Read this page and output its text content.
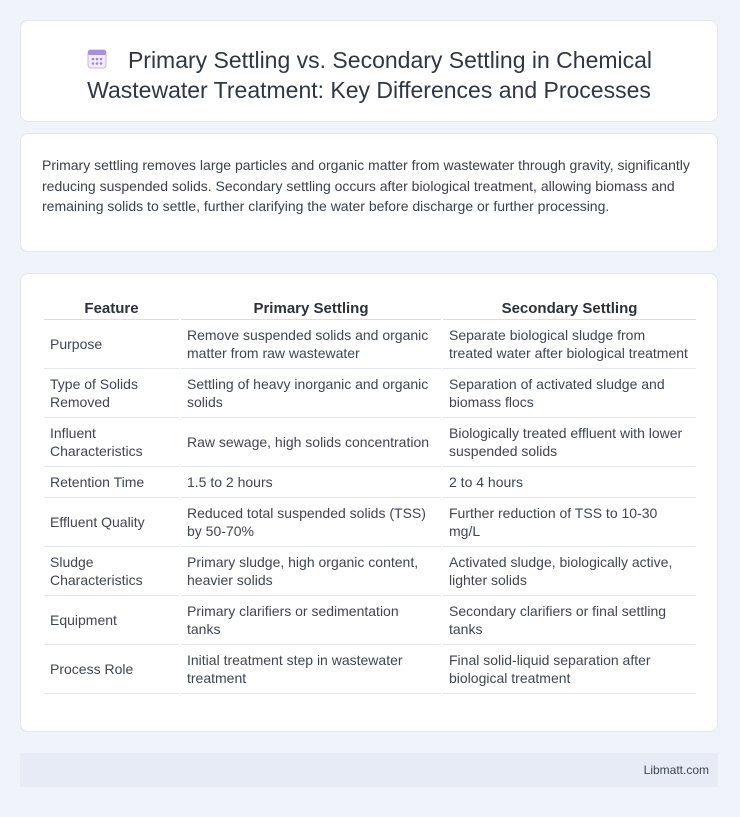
Primary Settling vs. Secondary Settling in Chemical Wastewater Treatment: Key Differences and Processes

Primary settling removes large particles and organic matter from wastewater through gravity, significantly reducing suspended solids. Secondary settling occurs after biological treatment, allowing biomass and remaining solids to settle, further clarifying the water before discharge or further processing.

Feature	Primary Settling	Secondary Settling
Purpose	Remove suspended solids and organic matter from raw wastewater	Separate biological sludge from treated water after biological treatment
Type of Solids Removed	Settling of heavy inorganic and organic solids	Separation of activated sludge and biomass flocs
Influent Characteristics	Raw sewage, high solids concentration	Biologically treated effluent with lower suspended solids
Retention Time	1.5 to 2 hours	2 to 4 hours
Effluent Quality	Reduced total suspended solids (TSS) by 50-70%	Further reduction of TSS to 10-30 mg/L
Sludge Characteristics	Primary sludge, high organic content, heavier solids	Activated sludge, biologically active, lighter solids
Equipment	Primary clarifiers or sedimentation tanks	Secondary clarifiers or final settling tanks
Process Role	Initial treatment step in wastewater treatment	Final solid-liquid separation after biological treatment
Libmatt.com
